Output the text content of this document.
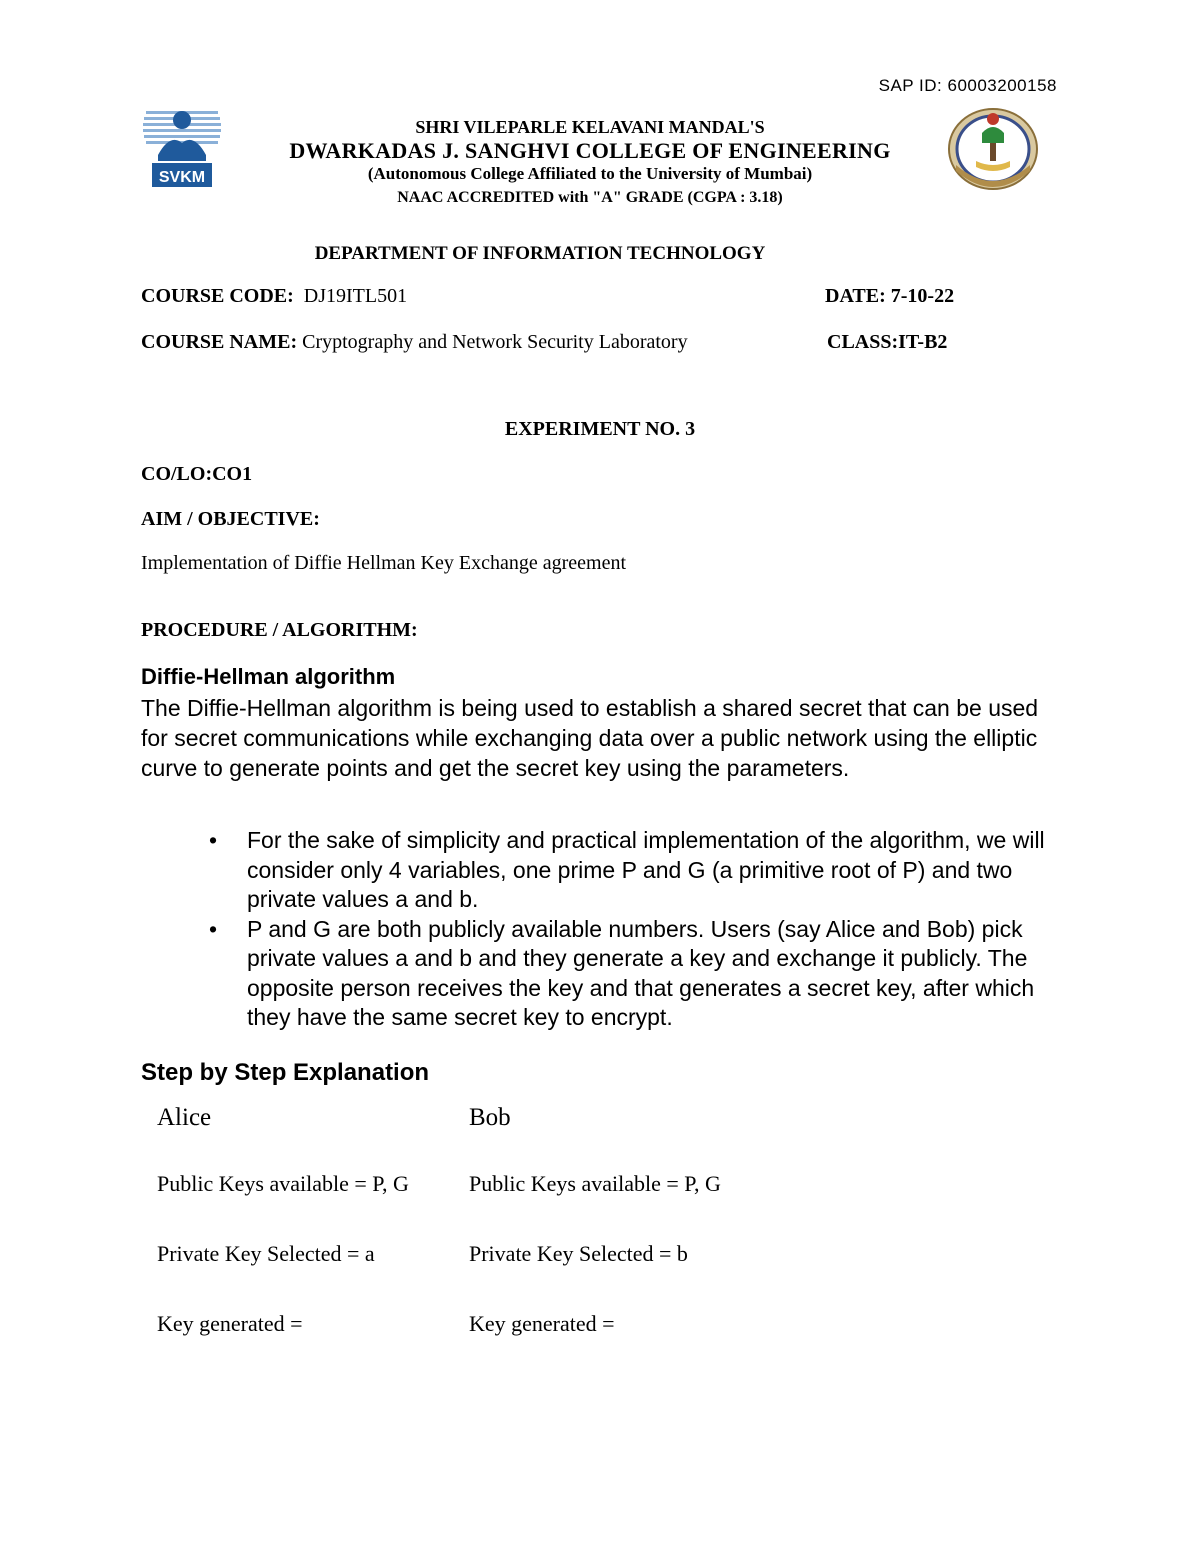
SAP ID: 60003200158
SVKM
SHRI VILEPARLE KELAVANI MANDAL'S
DWARKADAS J. SANGHVI COLLEGE OF ENGINEERING
(Autonomous College Affiliated to the University of Mumbai)
NAAC ACCREDITED with "A" GRADE (CGPA : 3.18)
DEPARTMENT OF INFORMATION TECHNOLOGY
COURSE CODE: DJ19ITL501	DATE: 7-10-22
COURSE NAME: Cryptography and Network Security Laboratory	CLASS:IT-B2
EXPERIMENT NO. 3
CO/LO:CO1
AIM / OBJECTIVE:
Implementation of Diffie Hellman Key Exchange agreement
PROCEDURE / ALGORITHM:
Diffie-Hellman algorithm
The Diffie-Hellman algorithm is being used to establish a shared secret that can be used for secret communications while exchanging data over a public network using the elliptic curve to generate points and get the secret key using the parameters.
• For the sake of simplicity and practical implementation of the algorithm, we will consider only 4 variables, one prime P and G (a primitive root of P) and two private values a and b.
• P and G are both publicly available numbers. Users (say Alice and Bob) pick private values a and b and they generate a key and exchange it publicly. The opposite person receives the key and that generates a secret key, after which they have the same secret key to encrypt.
Step by Step Explanation
Alice	Bob
Public Keys available = P, G	Public Keys available = P, G
Private Key Selected = a	Private Key Selected = b
Key generated =	Key generated =
